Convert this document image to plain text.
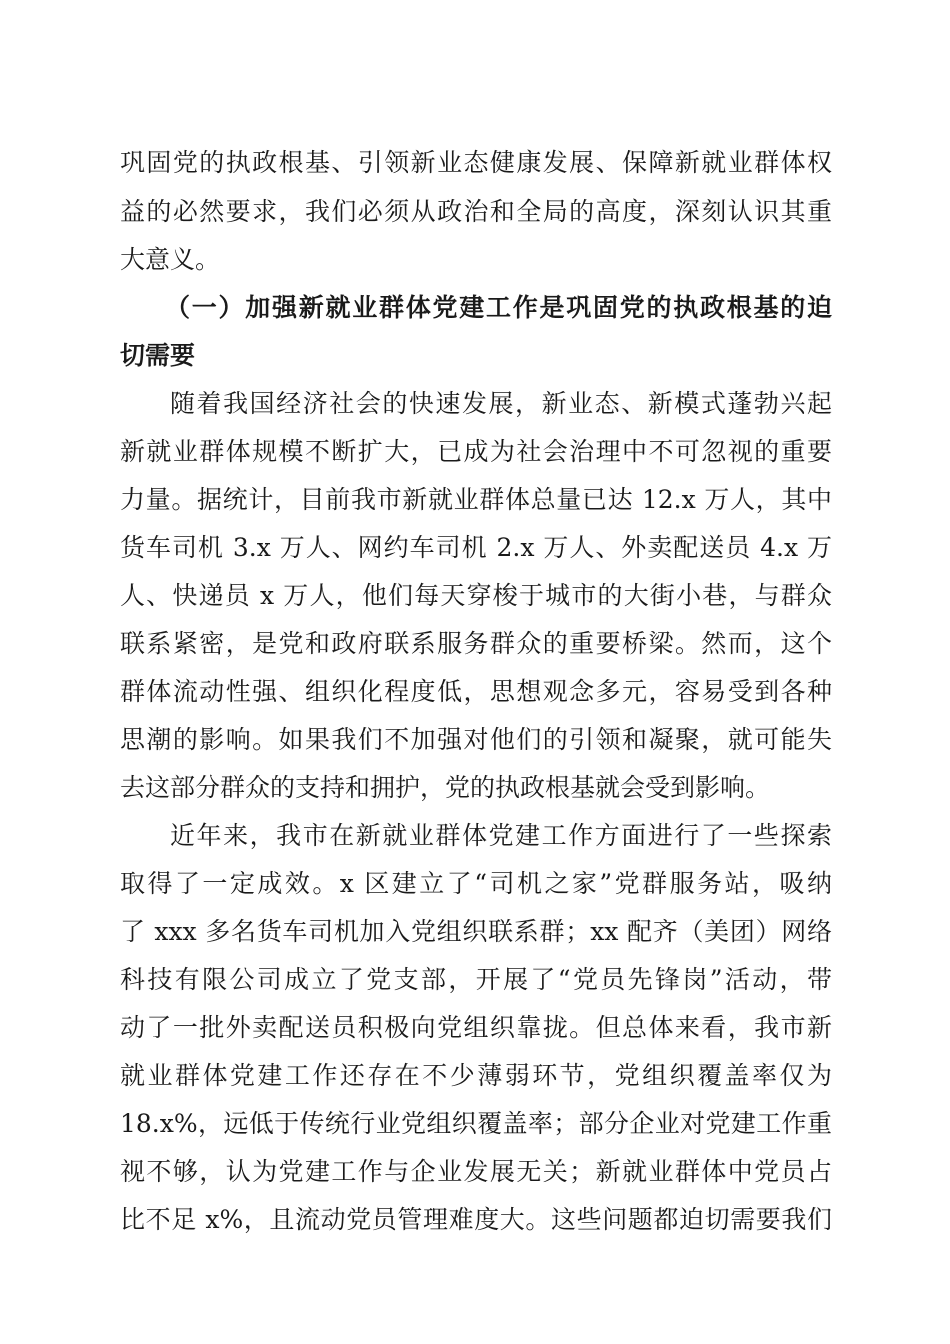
巩固党的执政根基、引领新业态健康发展、保障新就业群体权
益的必然要求，我们必须从政治和全局的高度，深刻认识其重
大意义。
（一）加强新就业群体党建工作是巩固党的执政根基的迫
切需要
随着我国经济社会的快速发展，新业态、新模式蓬勃兴起
新就业群体规模不断扩大，已成为社会治理中不可忽视的重要
力量。据统计，目前我市新就业群体总量已达 12.x 万人，其中
货车司机 3.x 万人、网约车司机 2.x 万人、外卖配送员 4.x 万
人、快递员 x 万人，他们每天穿梭于城市的大街小巷，与群众
联系紧密，是党和政府联系服务群众的重要桥梁。然而，这个
群体流动性强、组织化程度低，思想观念多元，容易受到各种
思潮的影响。如果我们不加强对他们的引领和凝聚，就可能失
去这部分群众的支持和拥护，党的执政根基就会受到影响。
近年来，我市在新就业群体党建工作方面进行了一些探索
取得了一定成效。x 区建立了“司机之家”党群服务站，吸纳
了 xxx 多名货车司机加入党组织联系群；xx 配齐（美团）网络
科技有限公司成立了党支部，开展了“党员先锋岗”活动，带
动了一批外卖配送员积极向党组织靠拢。但总体来看，我市新
就业群体党建工作还存在不少薄弱环节，党组织覆盖率仅为
18.x%，远低于传统行业党组织覆盖率；部分企业对党建工作重
视不够，认为党建工作与企业发展无关；新就业群体中党员占
比不足 x%，且流动党员管理难度大。这些问题都迫切需要我们
